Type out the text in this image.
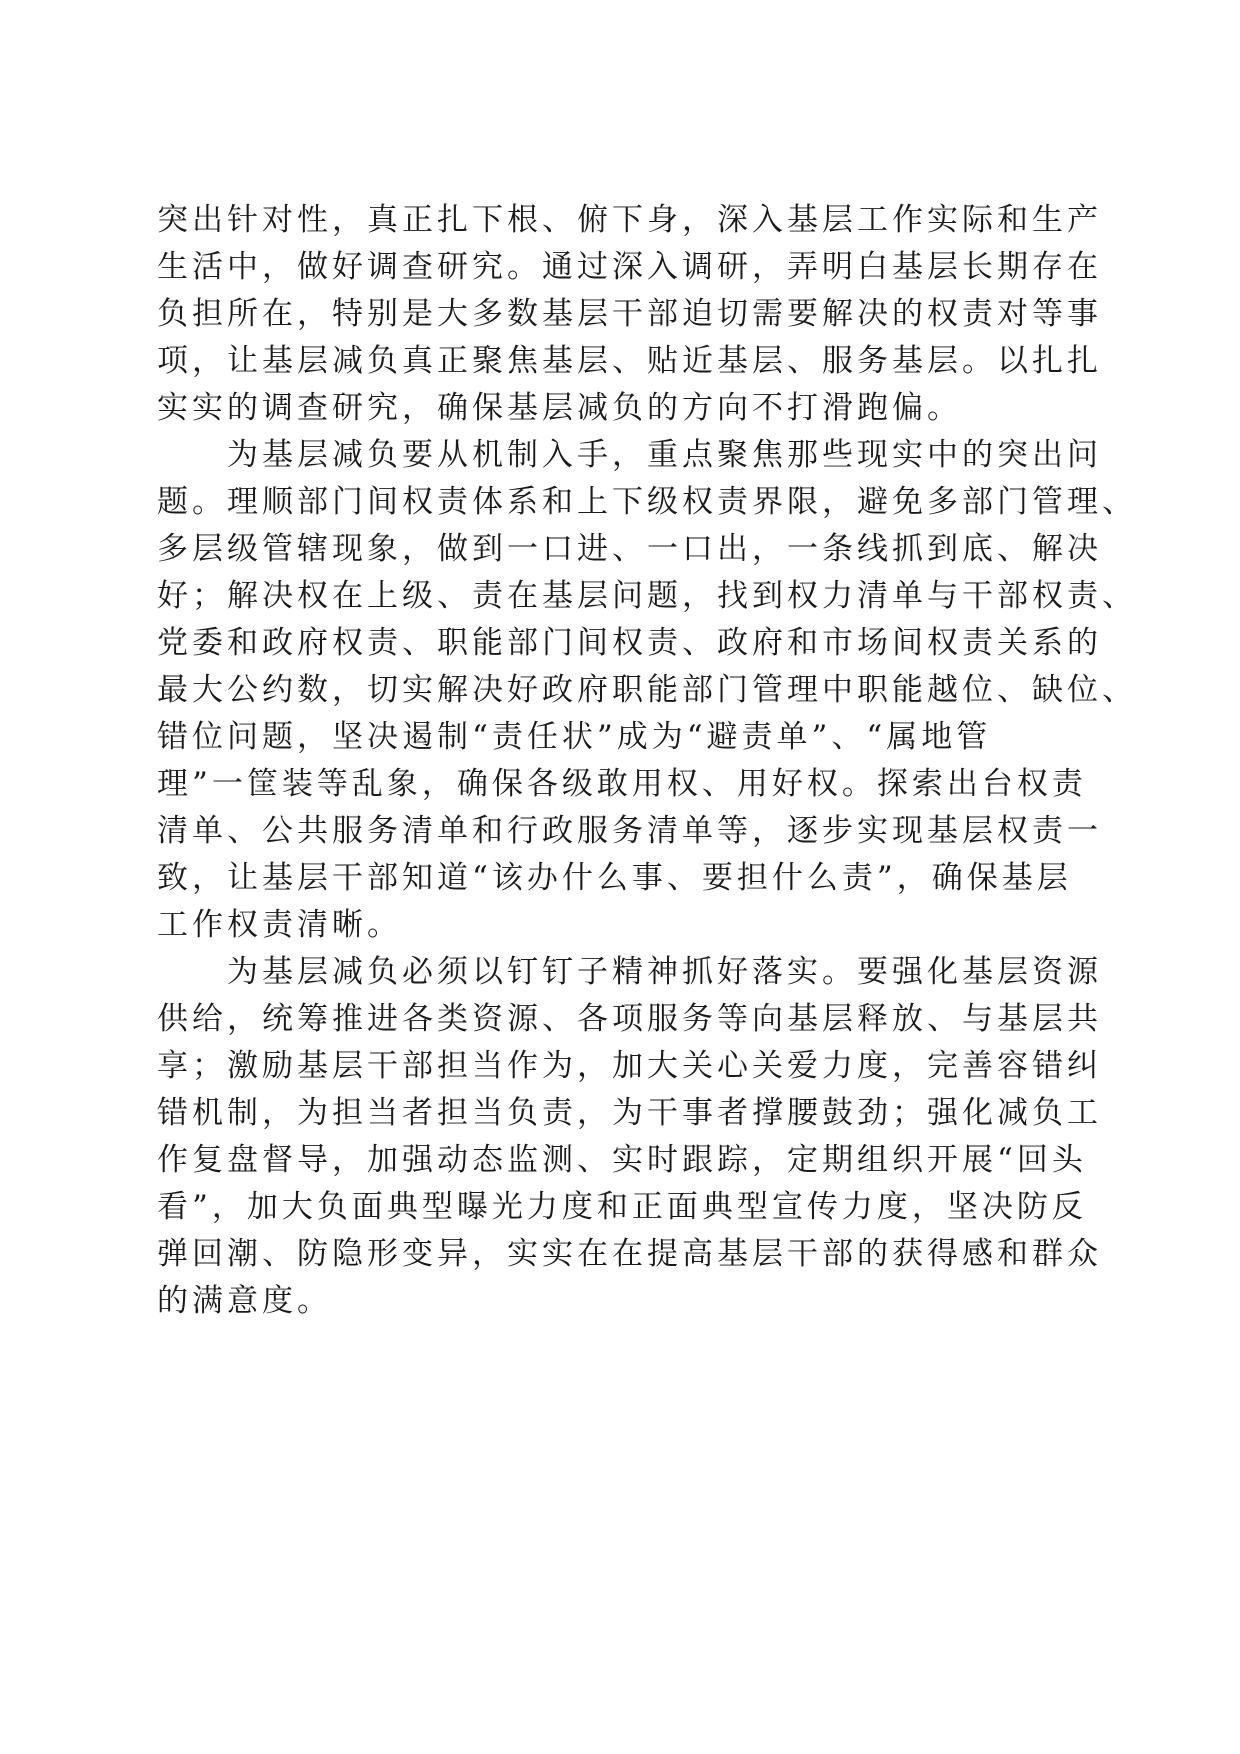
突出针对性，真正扎下根、俯下身，深入基层工作实际和生产
生活中，做好调查研究。通过深入调研，弄明白基层长期存在
负担所在，特别是大多数基层干部迫切需要解决的权责对等事
项，让基层减负真正聚焦基层、贴近基层、服务基层。以扎扎
实实的调查研究，确保基层减负的方向不打滑跑偏。
为基层减负要从机制入手，重点聚焦那些现实中的突出问
题。理顺部门间权责体系和上下级权责界限，避免多部门管理、
多层级管辖现象，做到一口进、一口出，一条线抓到底、解决
好；解决权在上级、责在基层问题，找到权力清单与干部权责、
党委和政府权责、职能部门间权责、政府和市场间权责关系的
最大公约数，切实解决好政府职能部门管理中职能越位、缺位、
错位问题，坚决遏制“责任状”成为“避责单”、“属地管
理”一筐装等乱象，确保各级敢用权、用好权。探索出台权责
清单、公共服务清单和行政服务清单等，逐步实现基层权责一
致，让基层干部知道“该办什么事、要担什么责”，确保基层
工作权责清晰。
为基层减负必须以钉钉子精神抓好落实。要强化基层资源
供给，统筹推进各类资源、各项服务等向基层释放、与基层共
享；激励基层干部担当作为，加大关心关爱力度，完善容错纠
错机制，为担当者担当负责，为干事者撑腰鼓劲；强化减负工
作复盘督导，加强动态监测、实时跟踪，定期组织开展“回头
看”，加大负面典型曝光力度和正面典型宣传力度，坚决防反
弹回潮、防隐形变异，实实在在提高基层干部的获得感和群众
的满意度。
